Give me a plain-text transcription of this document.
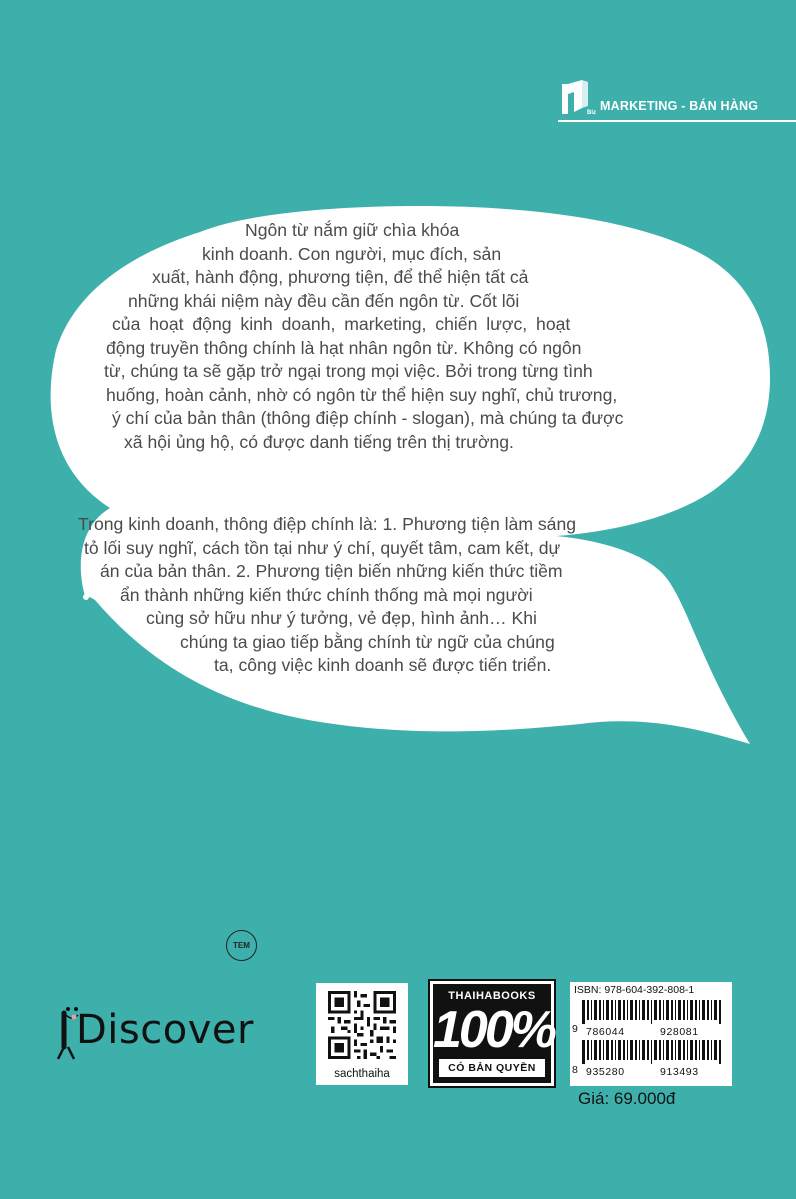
Biz MARKETING - BÁN HÀNG
Ngôn từ nắm giữ chìa khóa
kinh doanh. Con người, mục đích, sản
xuất, hành động, phương tiện, để thể hiện tất cả
những khái niệm này đều cần đến ngôn từ. Cốt lõi
của hoạt động kinh doanh, marketing, chiến lược, hoạt
động truyền thông chính là hạt nhân ngôn từ. Không có ngôn
từ, chúng ta sẽ gặp trở ngại trong mọi việc. Bởi trong từng tình
huống, hoàn cảnh, nhờ có ngôn từ thể hiện suy nghĩ, chủ trương,
ý chí của bản thân (thông điệp chính - slogan), mà chúng ta được
xã hội ủng hộ, có được danh tiếng trên thị trường.
Trong kinh doanh, thông điệp chính là: 1. Phương tiện làm sáng
tỏ lối suy nghĩ, cách tồn tại như ý chí, quyết tâm, cam kết, dự
án của bản thân. 2. Phương tiện biến những kiến thức tiềm
ẩn thành những kiến thức chính thống mà mọi người
cùng sở hữu như ý tưởng, vẻ đẹp, hình ảnh… Khi
chúng ta giao tiếp bằng chính từ ngữ của chúng
ta, công việc kinh doanh sẽ được tiến triển.
TEM
Discover
sachthaiha
THAIHABOOKS
100%
CÓ BẢN QUYỀN
ISBN: 978-604-392-808-1
9 786044	928081
8 935280	913493
Giá: 69.000đ
